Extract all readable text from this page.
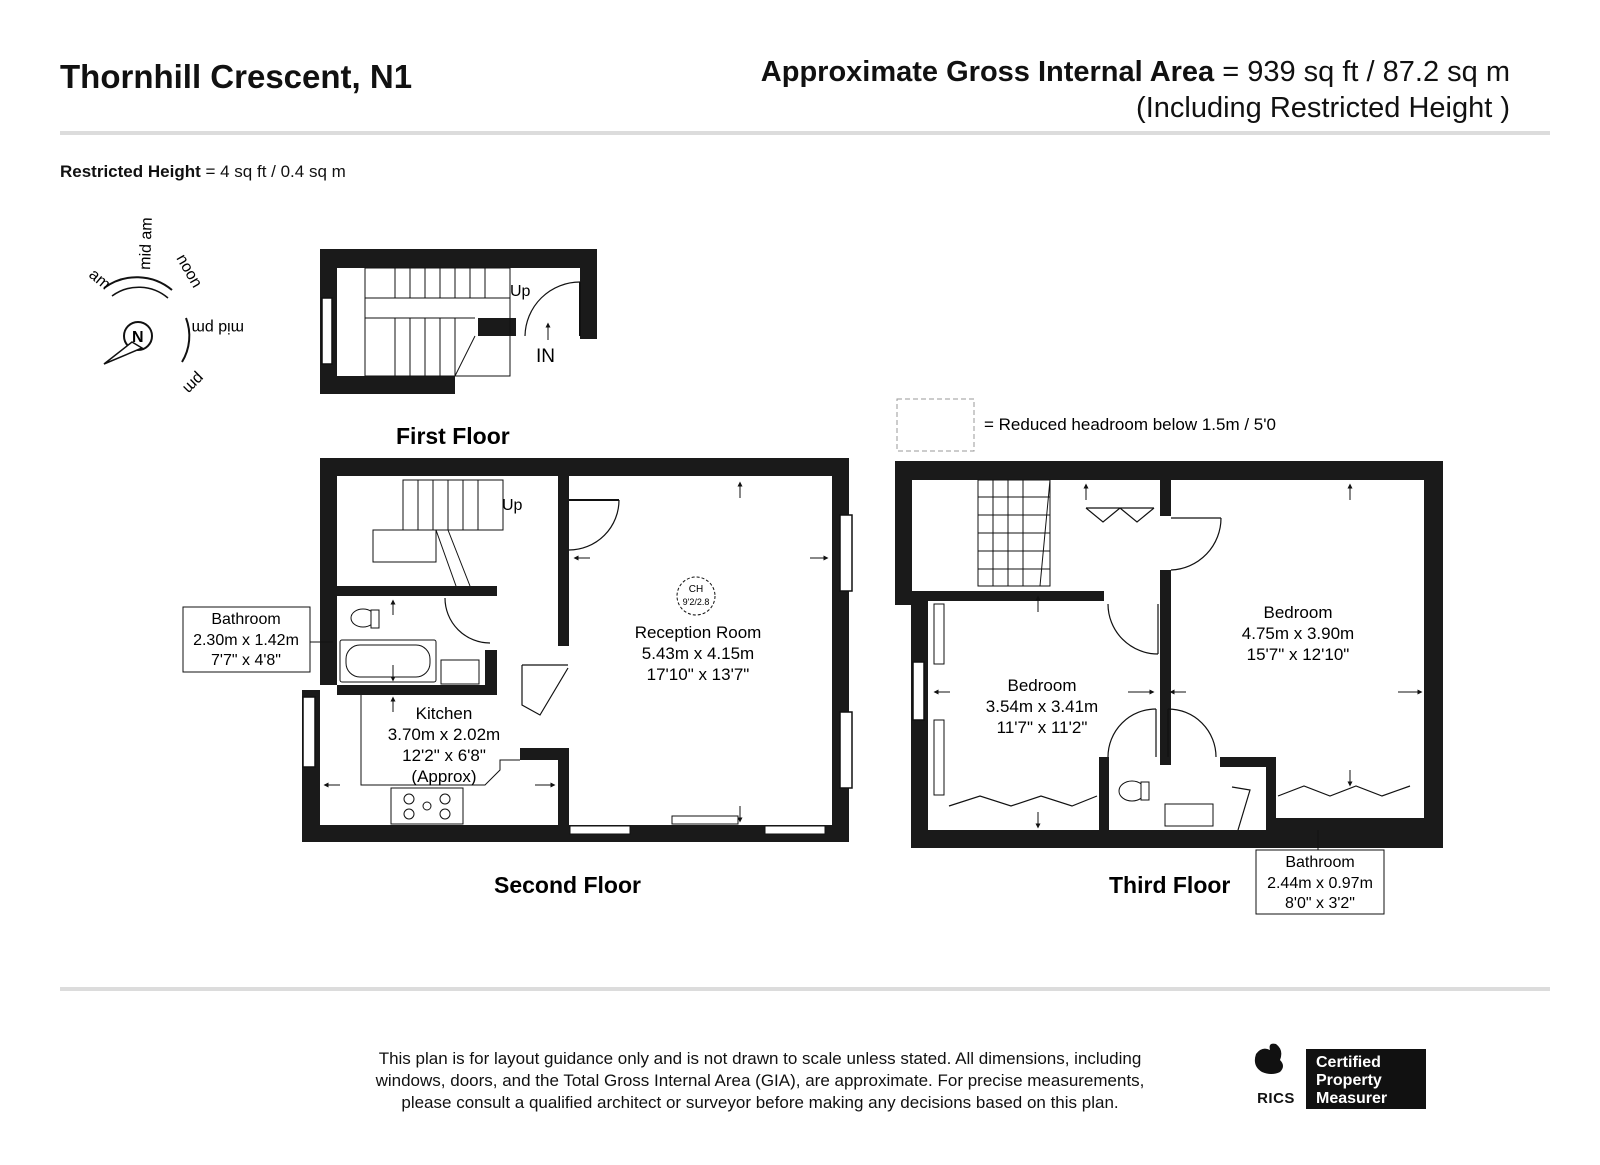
Thornhill Crescent, N1	Approximate Gross Internal Area = 939 sq ft / 87.2 sq m
(Including Restricted Height )
Restricted Height = 4 sq ft / 0.4 sq m
N
mid am
noon
mid pm
pm
am	Up
IN
First Floor
CH
9'2/2.8
Up
Reception Room
5.43m x 4.15m
17'10" x 13'7"
Kitchen
3.70m x 2.02m
12'2" x 6'8"
(Approx)
Bathroom
2.30m x 1.42m
7'7" x 4'8"
Second Floor
= Reduced headroom below 1.5m / 5'0
Bedroom
3.54m x 3.41m
11'7" x 11'2"
Bedroom
4.75m x 3.90m
15'7" x 12'10"
Bathroom
2.44m x 0.97m
8'0" x 3'2"
Third Floor
This plan is for layout guidance only and is not drawn to scale unless stated. All dimensions, including windows, doors, and the Total Gross Internal Area (GIA), are approximate. For precise measurements, please consult a qualified architect or surveyor before making any decisions based on this plan.	RICS
Certified
Property
Measurer
